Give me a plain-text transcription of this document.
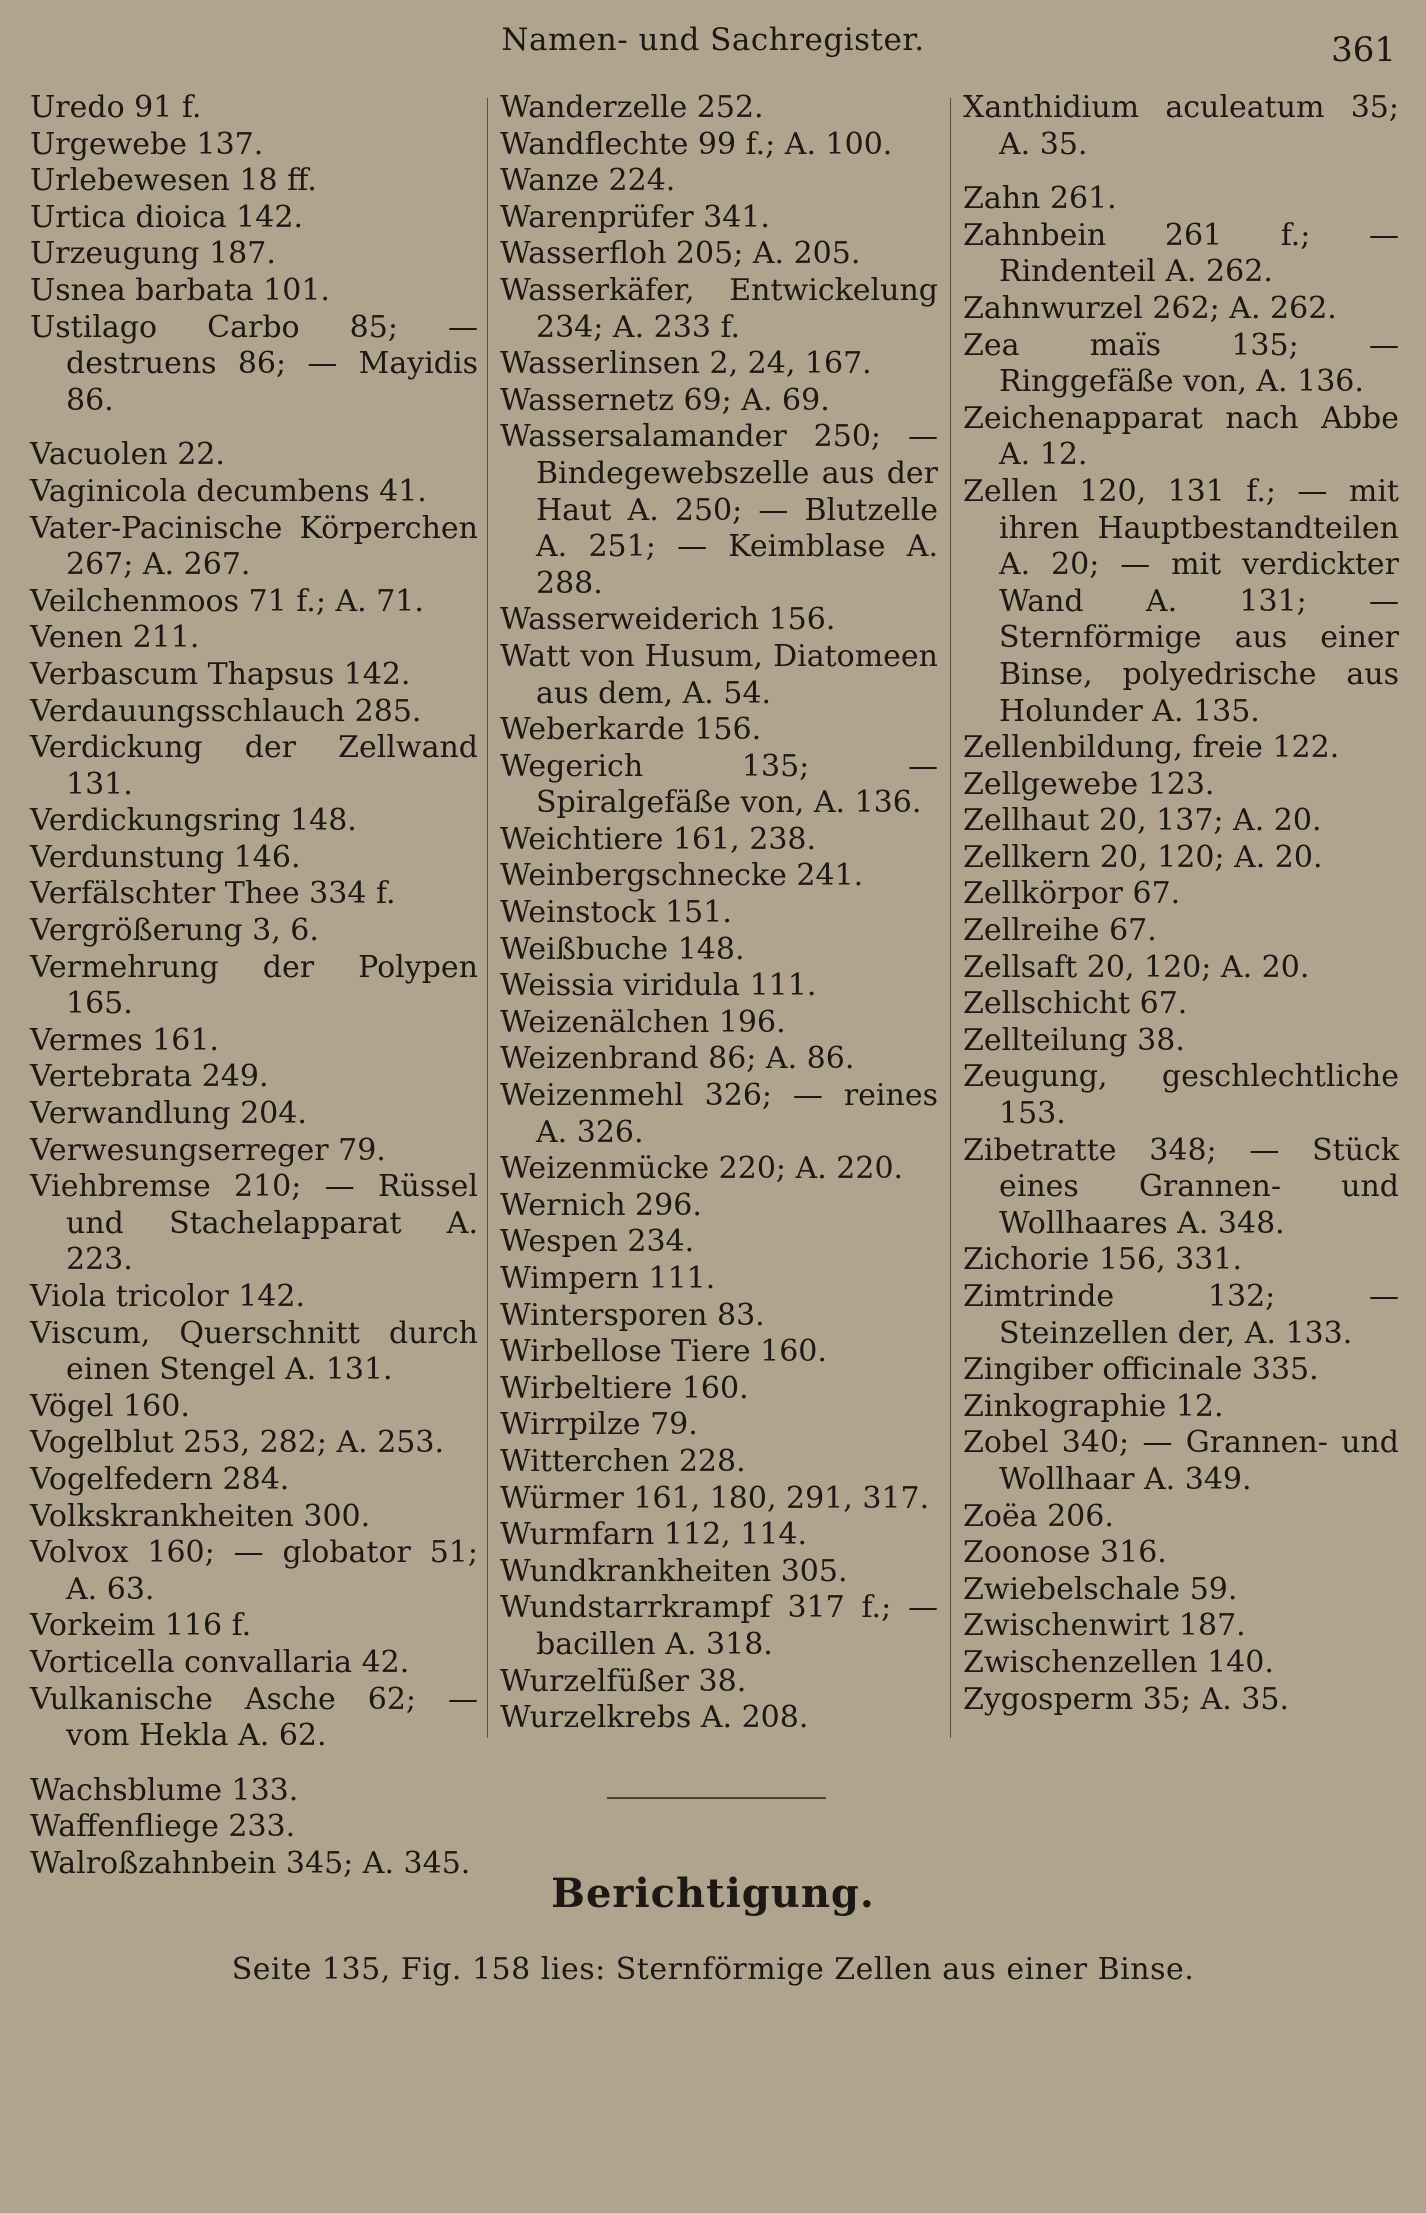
Namen- und Sachregister.	361
Uredo 91 f.
Urgewebe 137.
Urlebewesen 18 ff.
Urtica dioica 142.
Urzeugung 187.
Usnea barbata 101.
Ustilago Carbo 85; — destruens 86; — Mayidis 86.
Vacuolen 22.
Vaginicola decumbens 41.
Vater-Pacinische Körperchen 267; A. 267.
Veilchenmoos 71 f.; A. 71.
Venen 211.
Verbascum Thapsus 142.
Verdauungsschlauch 285.
Verdickung der Zellwand 131.
Verdickungsring 148.
Verdunstung 146.
Verfälschter Thee 334 f.
Vergrößerung 3, 6.
Vermehrung der Polypen 165.
Vermes 161.
Vertebrata 249.
Verwandlung 204.
Verwesungserreger 79.
Viehbremse 210; — Rüssel und Stachelapparat A. 223.
Viola tricolor 142.
Viscum, Querschnitt durch einen Stengel A. 131.
Vögel 160.
Vogelblut 253, 282; A. 253.
Vogelfedern 284.
Volkskrankheiten 300.
Volvox 160; — globator 51; A. 63.
Vorkeim 116 f.
Vorticella convallaria 42.
Vulkanische Asche 62; — vom Hekla A. 62.
Wachsblume 133.
Waffenfliege 233.
Walroßzahnbein 345; A. 345.
Wanderzelle 252.
Wandflechte 99 f.; A. 100.
Wanze 224.
Warenprüfer 341.
Wasserfloh 205; A. 205.
Wasserkäfer, Entwickelung 234; A. 233 f.
Wasserlinsen 2, 24, 167.
Wassernetz 69; A. 69.
Wassersalamander 250; — Bindegewebszelle aus der Haut A. 250; — Blutzelle A. 251; — Keimblase A. 288.
Wasserweiderich 156.
Watt von Husum, Diatomeen aus dem, A. 54.
Weberkarde 156.
Wegerich 135; — Spiralgefäße von, A. 136.
Weichtiere 161, 238.
Weinbergschnecke 241.
Weinstock 151.
Weißbuche 148.
Weissia viridula 111.
Weizenälchen 196.
Weizenbrand 86; A. 86.
Weizenmehl 326; — reines A. 326.
Weizenmücke 220; A. 220.
Wernich 296.
Wespen 234.
Wimpern 111.
Wintersporen 83.
Wirbellose Tiere 160.
Wirbeltiere 160.
Wirrpilze 79.
Witterchen 228.
Würmer 161, 180, 291, 317.
Wurmfarn 112, 114.
Wundkrankheiten 305.
Wundstarrkrampf 317 f.; — bacillen A. 318.
Wurzelfüßer 38.
Wurzelkrebs A. 208.
Xanthidium aculeatum 35; A. 35.
Zahn 261.
Zahnbein 261 f.; — Rindenteil A. 262.
Zahnwurzel 262; A. 262.
Zea maïs 135; — Ringgefäße von, A. 136.
Zeichenapparat nach Abbe A. 12.
Zellen 120, 131 f.; — mit ihren Hauptbestandteilen A. 20; — mit verdickter Wand A. 131; — Sternförmige aus einer Binse, polyedrische aus Holunder A. 135.
Zellenbildung, freie 122.
Zellgewebe 123.
Zellhaut 20, 137; A. 20.
Zellkern 20, 120; A. 20.
Zellkörpor 67.
Zellreihe 67.
Zellsaft 20, 120; A. 20.
Zellschicht 67.
Zellteilung 38.
Zeugung, geschlechtliche 153.
Zibetratte 348; — Stück eines Grannen- und Wollhaares A. 348.
Zichorie 156, 331.
Zimtrinde 132; — Steinzellen der, A. 133.
Zingiber officinale 335.
Zinkographie 12.
Zobel 340; — Grannen- und Wollhaar A. 349.
Zoëa 206.
Zoonose 316.
Zwiebelschale 59.
Zwischenwirt 187.
Zwischenzellen 140.
Zygosperm 35; A. 35.
Berichtigung.
Seite 135, Fig. 158 lies: Sternförmige Zellen aus einer Binse.
